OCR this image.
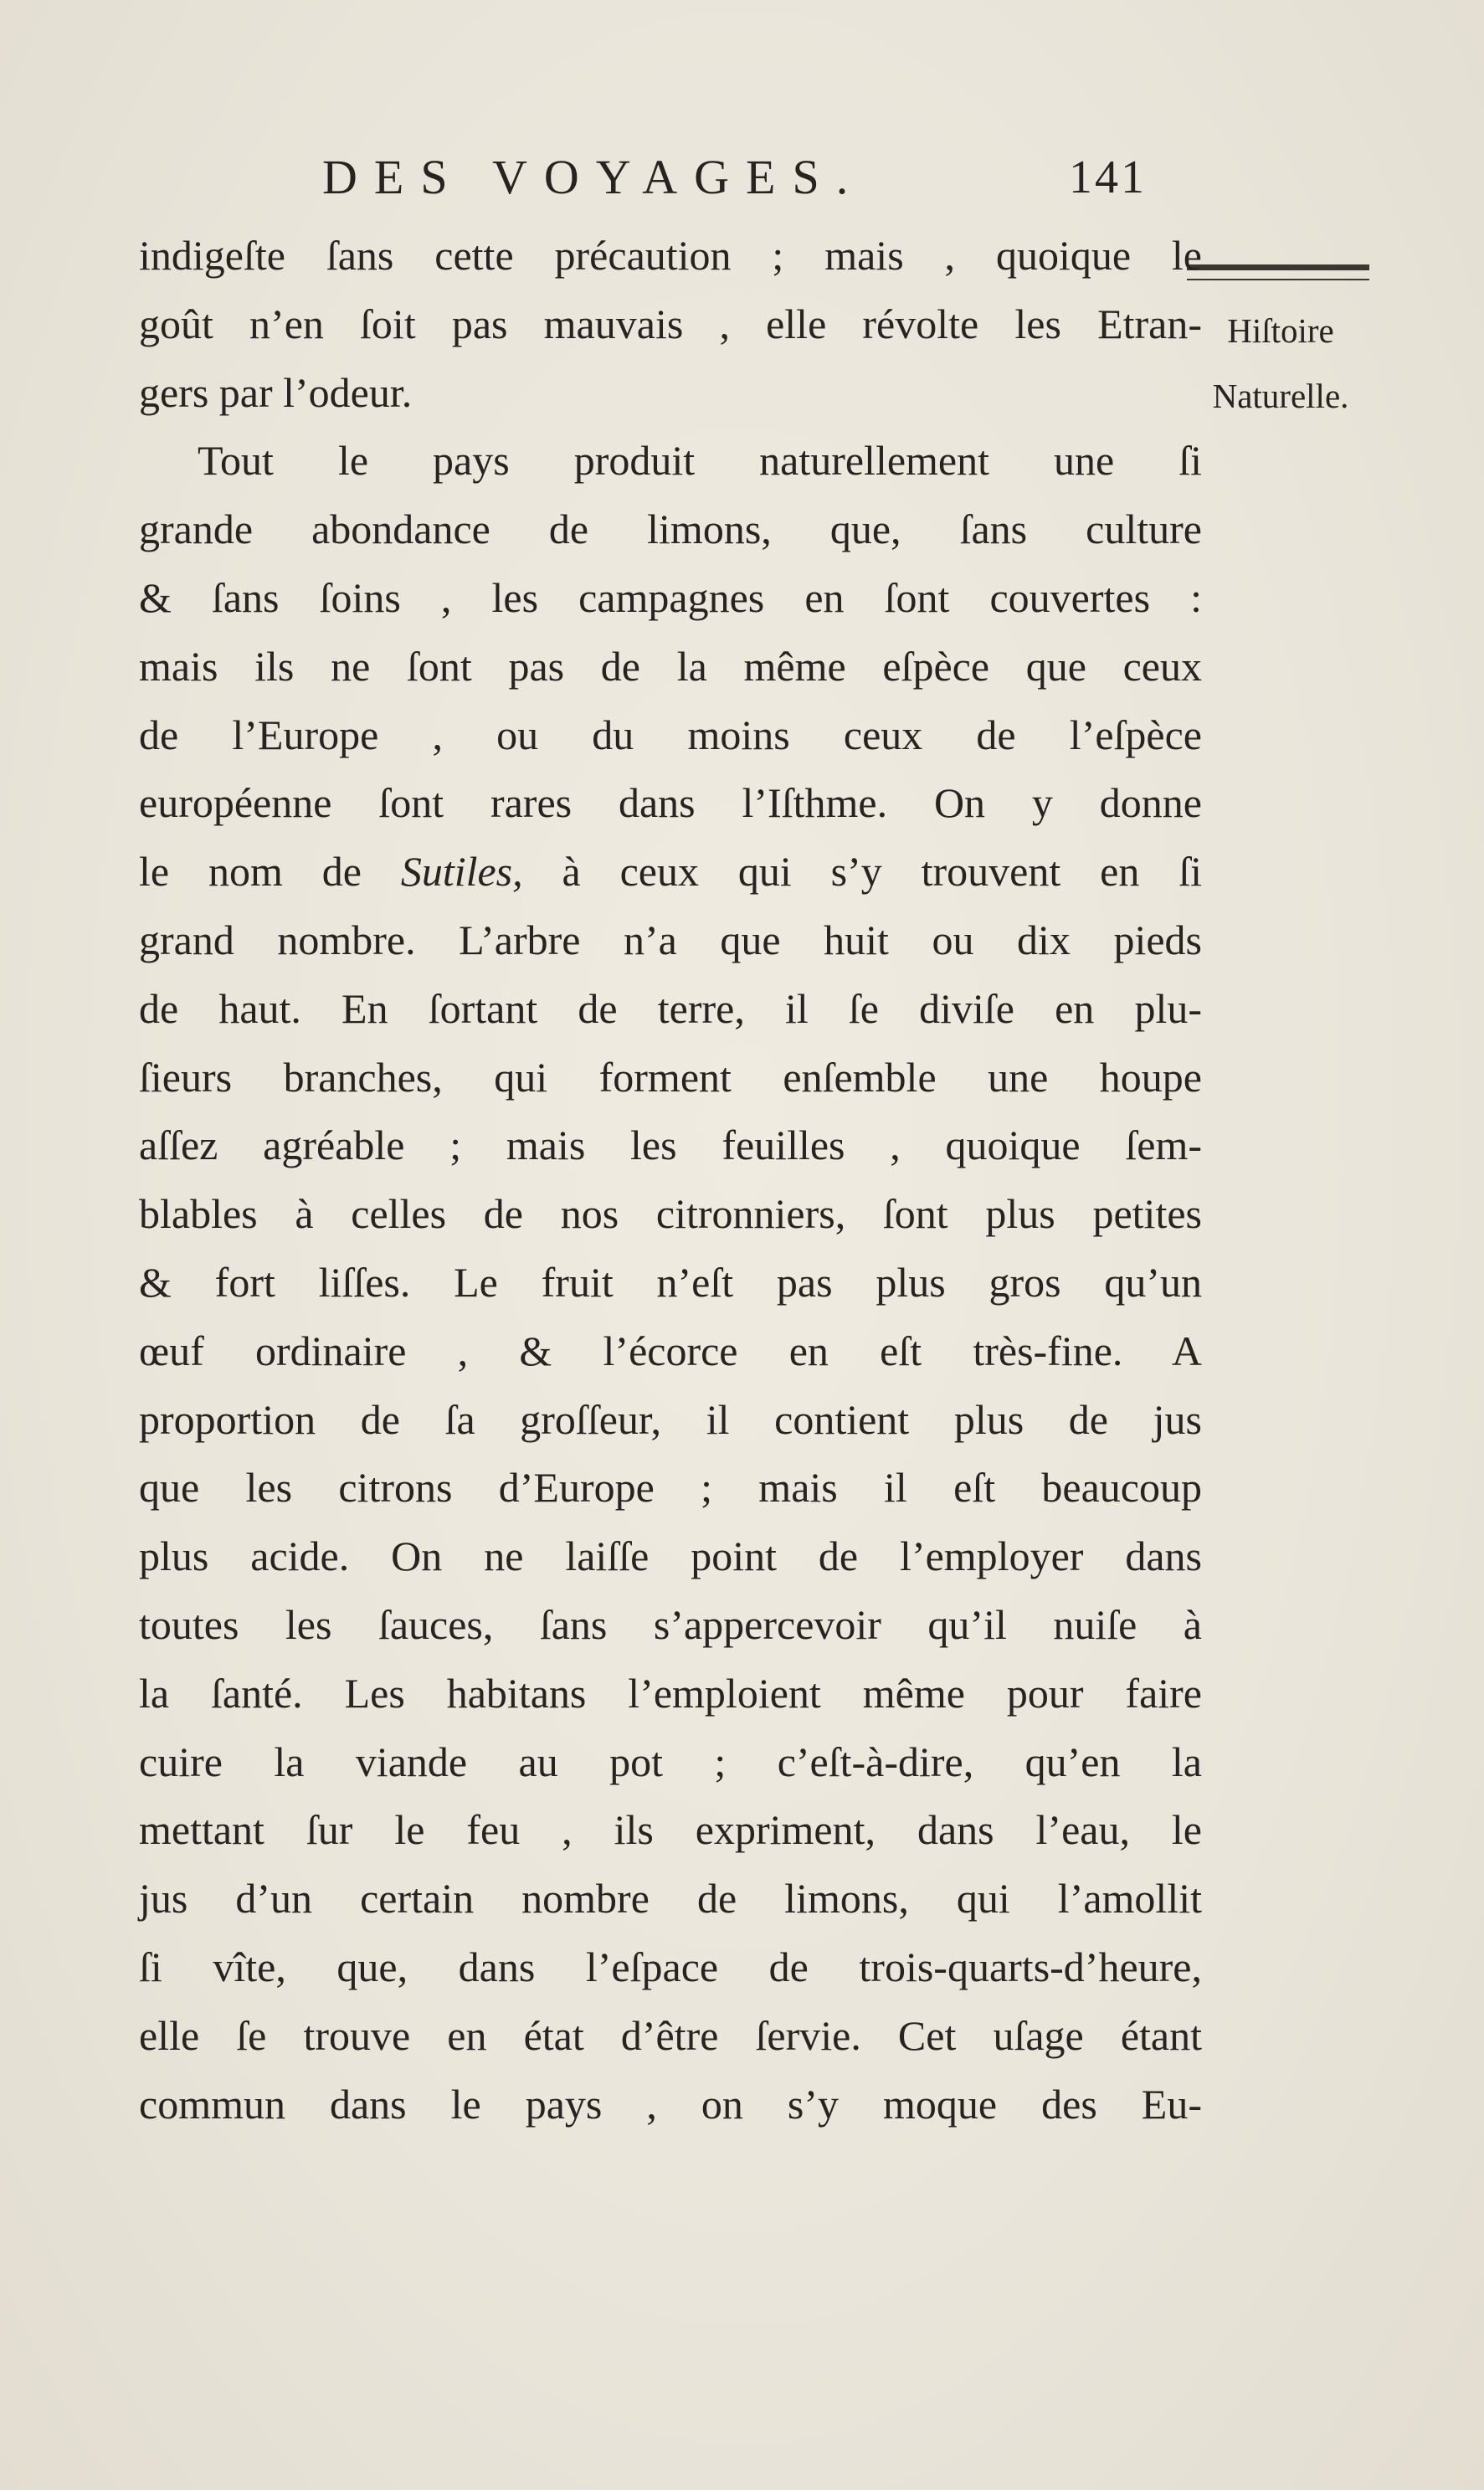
DES VOYAGES.	141
Hiſtoire
Naturelle.
indigeſte ſans cette précaution ; mais , quoique le
goût n’en ſoit pas mauvais , elle révolte les Etran-
gers par l’odeur.
Tout le pays produit naturellement une ſi
grande abondance de limons, que, ſans culture
& ſans ſoins , les campagnes en ſont couvertes :
mais ils ne ſont pas de la même eſpèce que ceux
de l’Europe , ou du moins ceux de l’eſpèce
européenne ſont rares dans l’Iſthme. On y donne
le nom de Sutiles, à ceux qui s’y trouvent en ſi
grand nombre. L’arbre n’a que huit ou dix pieds
de haut. En ſortant de terre, il ſe diviſe en plu-
ſieurs branches, qui forment enſemble une houpe
aſſez agréable ; mais les feuilles , quoique ſem-
blables à celles de nos citronniers, ſont plus petites
& fort liſſes. Le fruit n’eſt pas plus gros qu’un
œuf ordinaire , & l’écorce en eſt très-fine. A
proportion de ſa groſſeur, il contient plus de jus
que les citrons d’Europe ; mais il eſt beaucoup
plus acide. On ne laiſſe point de l’employer dans
toutes les ſauces, ſans s’appercevoir qu’il nuiſe à
la ſanté. Les habitans l’emploient même pour faire
cuire la viande au pot ; c’eſt-à-dire, qu’en la
mettant ſur le feu , ils expriment, dans l’eau, le
jus d’un certain nombre de limons, qui l’amollit
ſi vîte, que, dans l’eſpace de trois-quarts-d’heure,
elle ſe trouve en état d’être ſervie. Cet uſage étant
commun dans le pays , on s’y moque des Eu-
